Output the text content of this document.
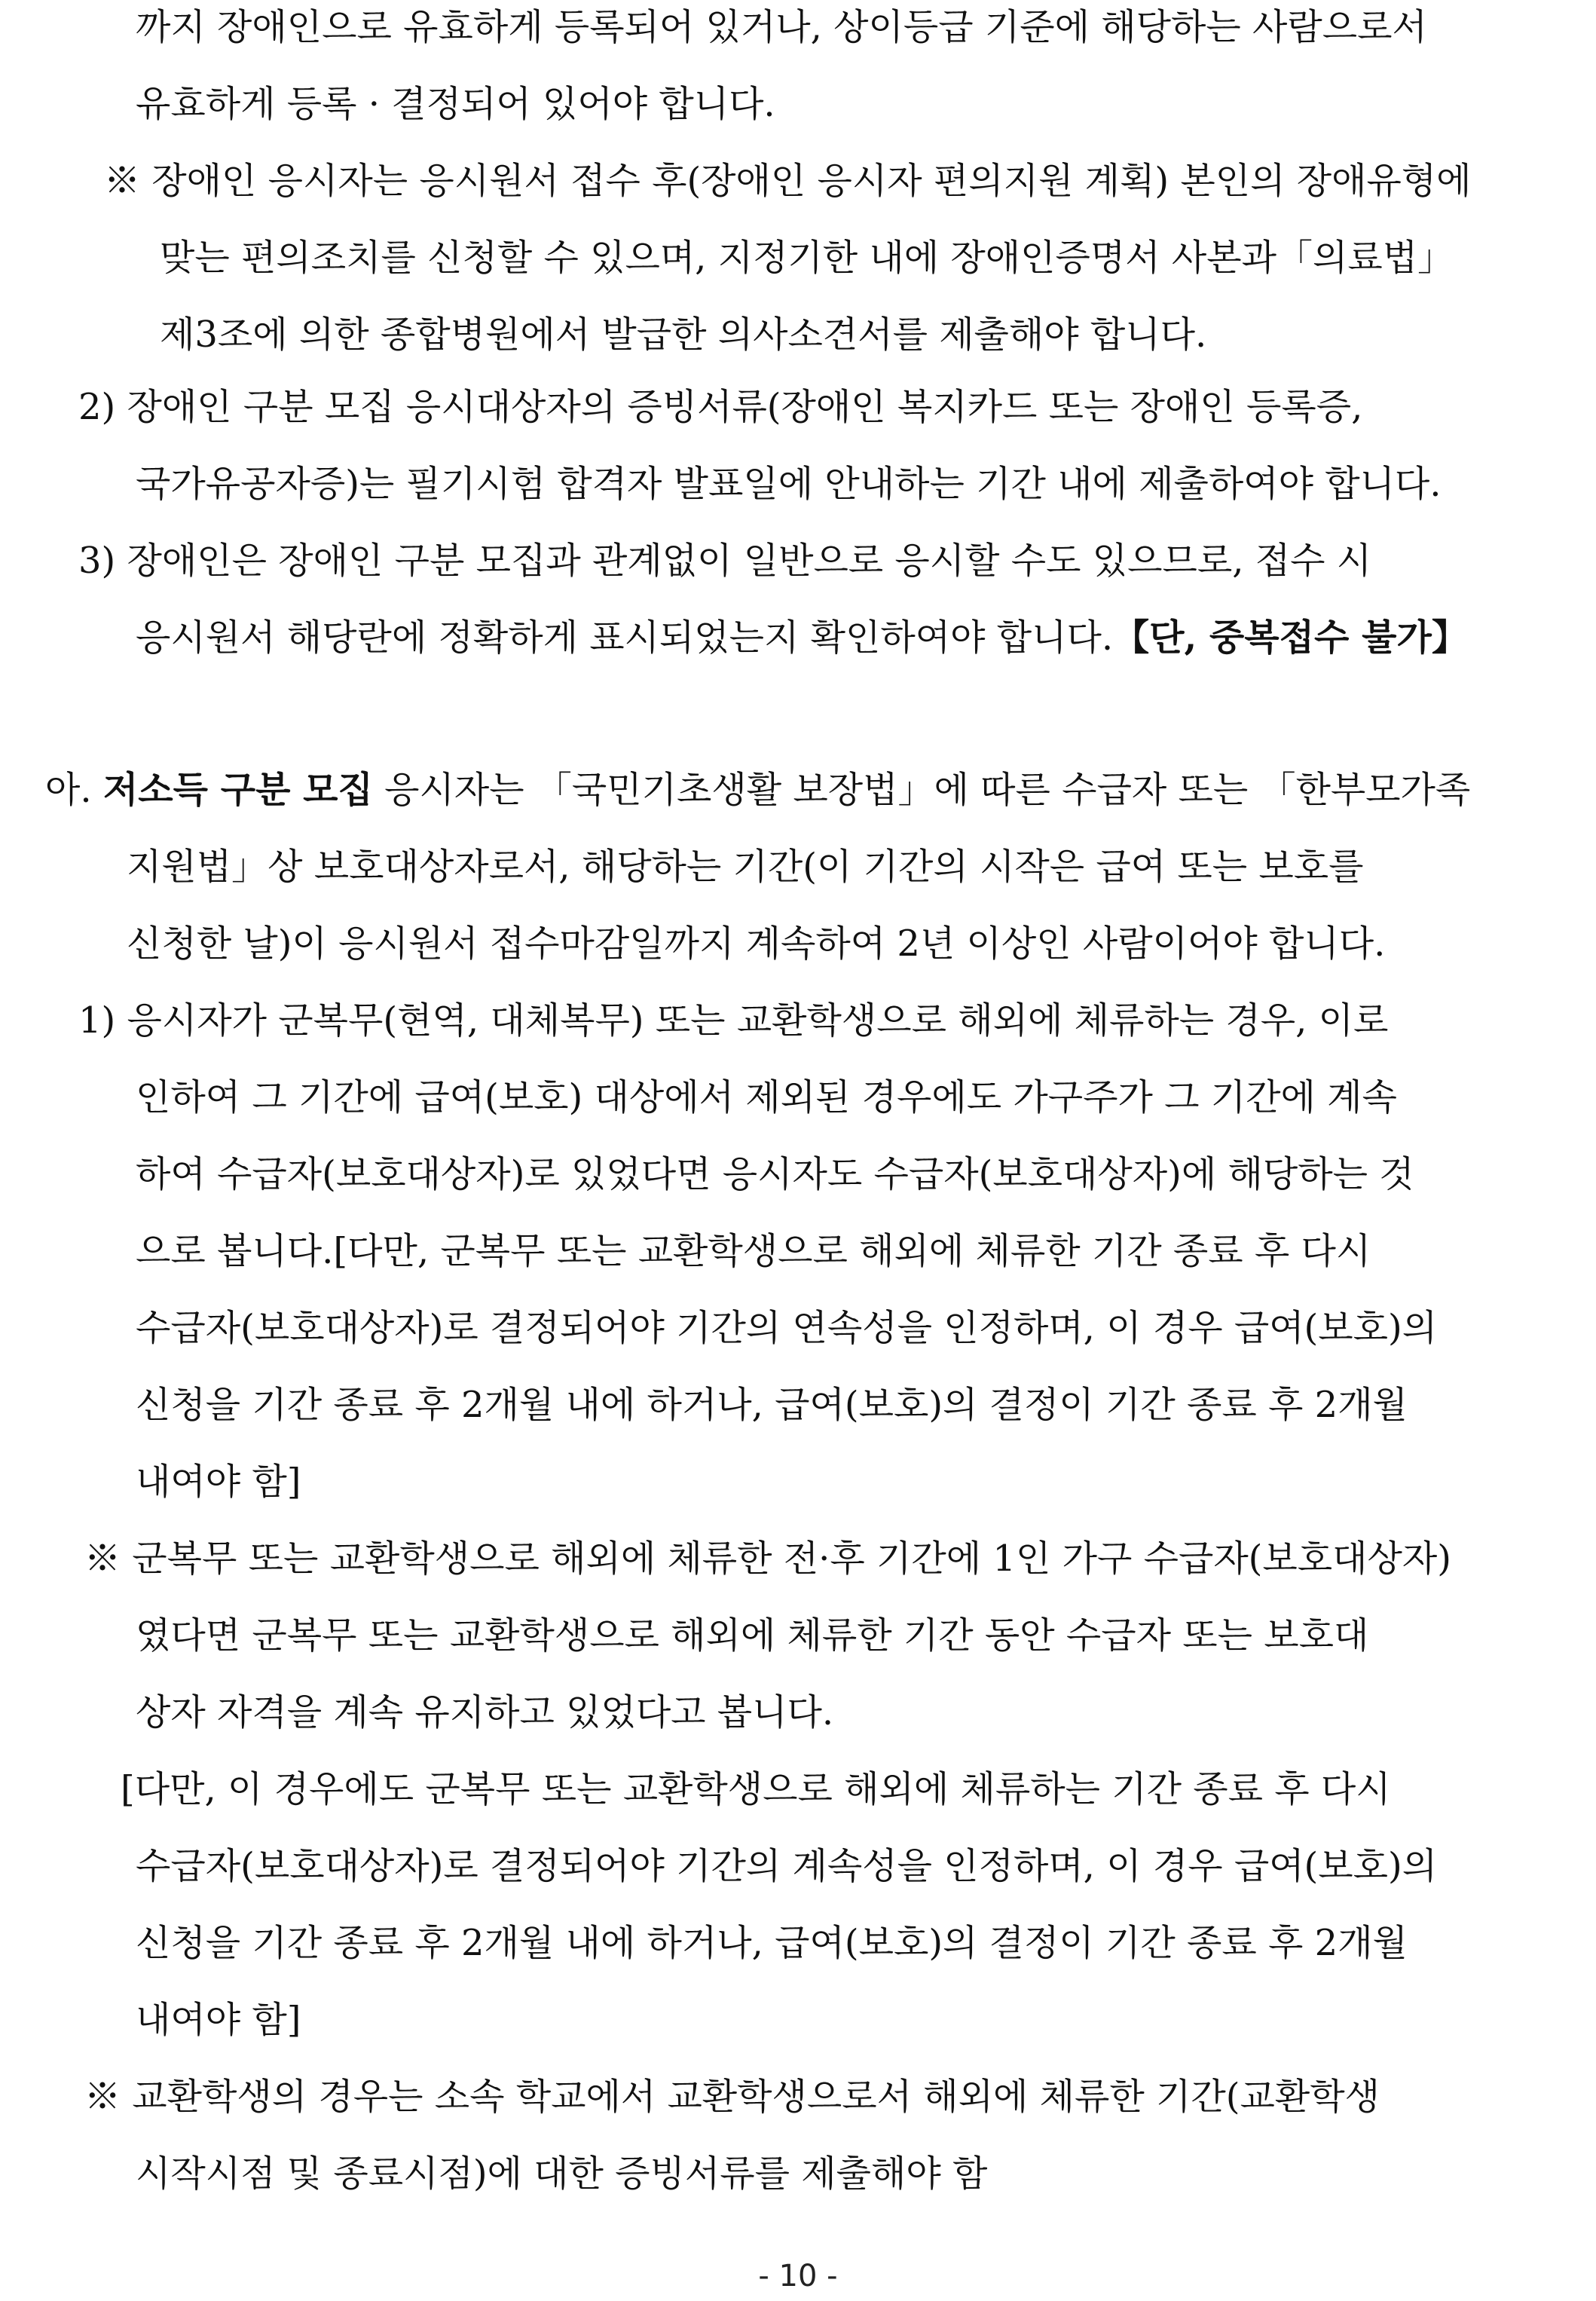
까지 장애인으로 유효하게 등록되어 있거나, 상이등급 기준에 해당하는 사람으로서
유효하게 등록 · 결정되어 있어야 합니다.
※ 장애인 응시자는 응시원서 접수 후(장애인 응시자 편의지원 계획) 본인의 장애유형에
맞는 편의조치를 신청할 수 있으며, 지정기한 내에 장애인증명서 사본과「의료법」
제3조에 의한 종합병원에서 발급한 의사소견서를 제출해야 합니다.
2) 장애인 구분 모집 응시대상자의 증빙서류(장애인 복지카드 또는 장애인 등록증,
국가유공자증)는 필기시험 합격자 발표일에 안내하는 기간 내에 제출하여야 합니다.
3) 장애인은 장애인 구분 모집과 관계없이 일반으로 응시할 수도 있으므로, 접수 시
응시원서 해당란에 정확하게 표시되었는지 확인하여야 합니다.【단, 중복접수 불가】
아. 저소득 구분 모집 응시자는 「국민기초생활 보장법」에 따른 수급자 또는 「한부모가족
지원법」상 보호대상자로서, 해당하는 기간(이 기간의 시작은 급여 또는 보호를
신청한 날)이 응시원서 접수마감일까지 계속하여 2년 이상인 사람이어야 합니다.
1) 응시자가 군복무(현역, 대체복무) 또는 교환학생으로 해외에 체류하는 경우, 이로
인하여 그 기간에 급여(보호) 대상에서 제외된 경우에도 가구주가 그 기간에 계속
하여 수급자(보호대상자)로 있었다면 응시자도 수급자(보호대상자)에 해당하는 것
으로 봅니다.[다만, 군복무 또는 교환학생으로 해외에 체류한 기간 종료 후 다시
수급자(보호대상자)로 결정되어야 기간의 연속성을 인정하며, 이 경우 급여(보호)의
신청을 기간 종료 후 2개월 내에 하거나, 급여(보호)의 결정이 기간 종료 후 2개월
내여야 함]
※ 군복무 또는 교환학생으로 해외에 체류한 전·후 기간에 1인 가구 수급자(보호대상자)
였다면 군복무 또는 교환학생으로 해외에 체류한 기간 동안 수급자 또는 보호대
상자 자격을 계속 유지하고 있었다고 봅니다.
[다만, 이 경우에도 군복무 또는 교환학생으로 해외에 체류하는 기간 종료 후 다시
수급자(보호대상자)로 결정되어야 기간의 계속성을 인정하며, 이 경우 급여(보호)의
신청을 기간 종료 후 2개월 내에 하거나, 급여(보호)의 결정이 기간 종료 후 2개월
내여야 함]
※ 교환학생의 경우는 소속 학교에서 교환학생으로서 해외에 체류한 기간(교환학생
시작시점 및 종료시점)에 대한 증빙서류를 제출해야 함
- 10 -
